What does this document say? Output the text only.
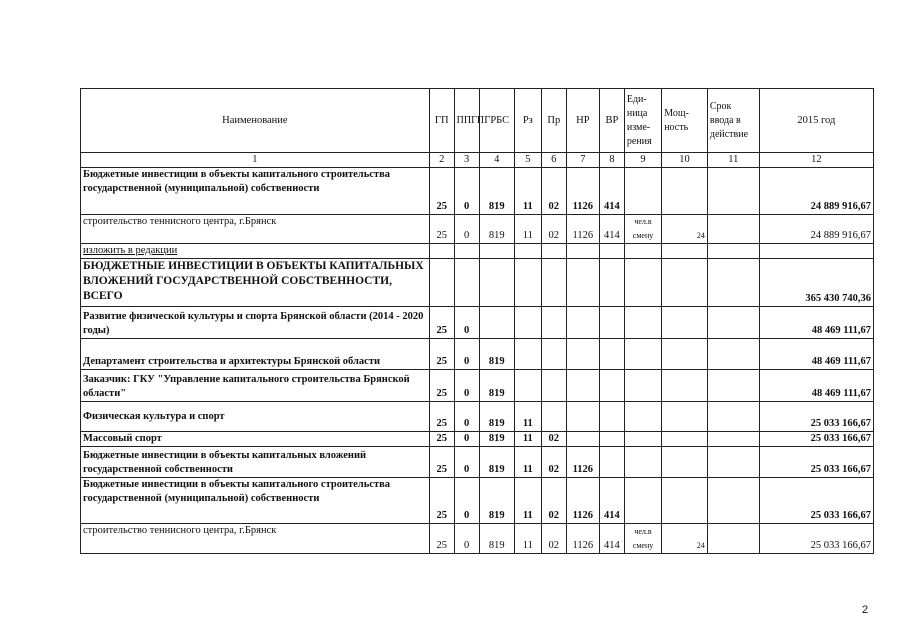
Наименование	ГП	ППГП	ГРБС	Рз	Пр	НР	ВР	Еди-ница изме-рения	Мощ-ность	Срок ввода в действие	2015 год
1	2	3	4	5	6	7	8	9	10	11	12
Бюджетные инвестиции в объекты капитального строительства государственной (муниципальной) собственности	25	0	819	11	02	1126	414				24 889 916,67
строительство теннисного центра, г.Брянск	25	0	819	11	02	1126	414	чел.в смену	24		24 889 916,67
изложить в редакции											
БЮДЖЕТНЫЕ ИНВЕСТИЦИИ В ОБЪЕКТЫ КАПИТАЛЬНЫХ ВЛОЖЕНИЙ ГОСУДАРСТВЕННОЙ СОБСТВЕННОСТИ, ВСЕГО											365 430 740,36
Развитие физической культуры и спорта Брянской области (2014 - 2020 годы)	25	0									48 469 111,67
Департамент строительства и архитектуры Брянской области	25	0	819								48 469 111,67
Заказчик: ГКУ "Управление капитального строительства Брянской области"	25	0	819								48 469 111,67
Физическая культура и спорт	25	0	819	11							25 033 166,67
Массовый спорт	25	0	819	11	02						25 033 166,67
Бюджетные инвестиции в объекты капитальных вложений государственной собственности	25	0	819	11	02	1126					25 033 166,67
Бюджетные инвестиции в объекты капитального строительства государственной (муниципальной) собственности	25	0	819	11	02	1126	414				25 033 166,67
строительство теннисного центра, г.Брянск	25	0	819	11	02	1126	414	чел.в смену	24		25 033 166,67
2
